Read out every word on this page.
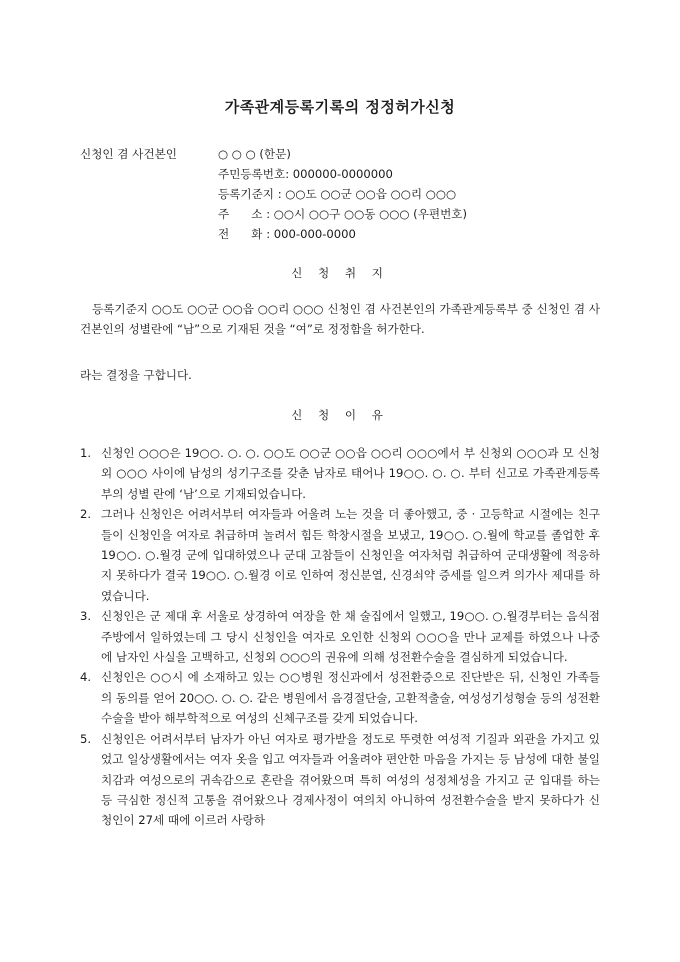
가족관계등록기록의 정정허가신청
신청인 겸 사건본인	○ ○ ○ (한문)
주민등록번호: 000000-0000000
등록기준지 : ○○도 ○○군 ○○읍 ○○리 ○○○
주      소 : ○○시 ○○구 ○○동 ○○○ (우편번호)
전      화 : 000-000-0000
신 청 취 지
등록기준지 ○○도 ○○군 ○○읍 ○○리 ○○○ 신청인 겸 사건본인의 가족관계등록부 중 신청인 겸 사건본인의 성별란에 “남”으로 기재된 것을 “여”로 정정함을 허가한다.
라는 결정을 구합니다.
신 청 이 유
1. 신청인 ○○○은 19○○. ○. ○. ○○도 ○○군 ○○읍 ○○리 ○○○에서 부 신청외 ○○○과 모 신청외 ○○○ 사이에 남성의 성기구조를 갖춘 남자로 태어나 19○○. ○. ○. 부터 신고로 가족관계등록부의 성별 란에 ‘남’으로 기재되었습니다.
2. 그러나 신청인은 어려서부터 여자들과 어울려 노는 것을 더 좋아했고, 중 · 고등학교 시절에는 친구들이 신청인을 여자로 취급하며 놀려서 힘든 학창시절을 보냈고, 19○○. ○.월에 학교를 졸업한 후 19○○. ○.월경 군에 입대하였으나 군대 고참들이 신청인을 여자처럼 취급하여 군대생활에 적응하지 못하다가 결국 19○○. ○.월경 이로 인하여 정신분열, 신경쇠약 증세를 일으켜 의가사 제대를 하였습니다.
3. 신청인은 군 제대 후 서울로 상경하여 여장을 한 채 술집에서 일했고, 19○○. ○.월경부터는 음식점 주방에서 일하였는데 그 당시 신청인을 여자로 오인한 신청외 ○○○을 만나 교제를 하였으나 나중에 남자인 사실을 고백하고, 신청외 ○○○의 권유에 의해 성전환수술을 결심하게 되었습니다.
4. 신청인은 ○○시 에 소재하고 있는 ○○병원 정신과에서 성전환증으로 진단받은 뒤, 신청인 가족들의 동의를 얻어 20○○. ○. ○. 같은 병원에서 음경절단술, 고환적출술, 여성성기성형술 등의 성전환 수술을 받아 해부학적으로 여성의 신체구조를 갖게 되었습니다.
5. 신청인은 어려서부터 남자가 아닌 여자로 평가받을 정도로 뚜렷한 여성적 기질과 외관을 가지고 있었고 일상생활에서는 여자 옷을 입고 여자들과 어울려야 편안한 마음을 가지는 등 남성에 대한 불일치감과 여성으로의 귀속감으로 혼란을 겪어왔으며 특히 여성의 성정체성을 가지고 군 입대를 하는 등 극심한 정신적 고통을 겪어왔으나 경제사정이 여의치 아니하여 성전환수술을 받지 못하다가 신청인이 27세 때에 이르러 사랑하
